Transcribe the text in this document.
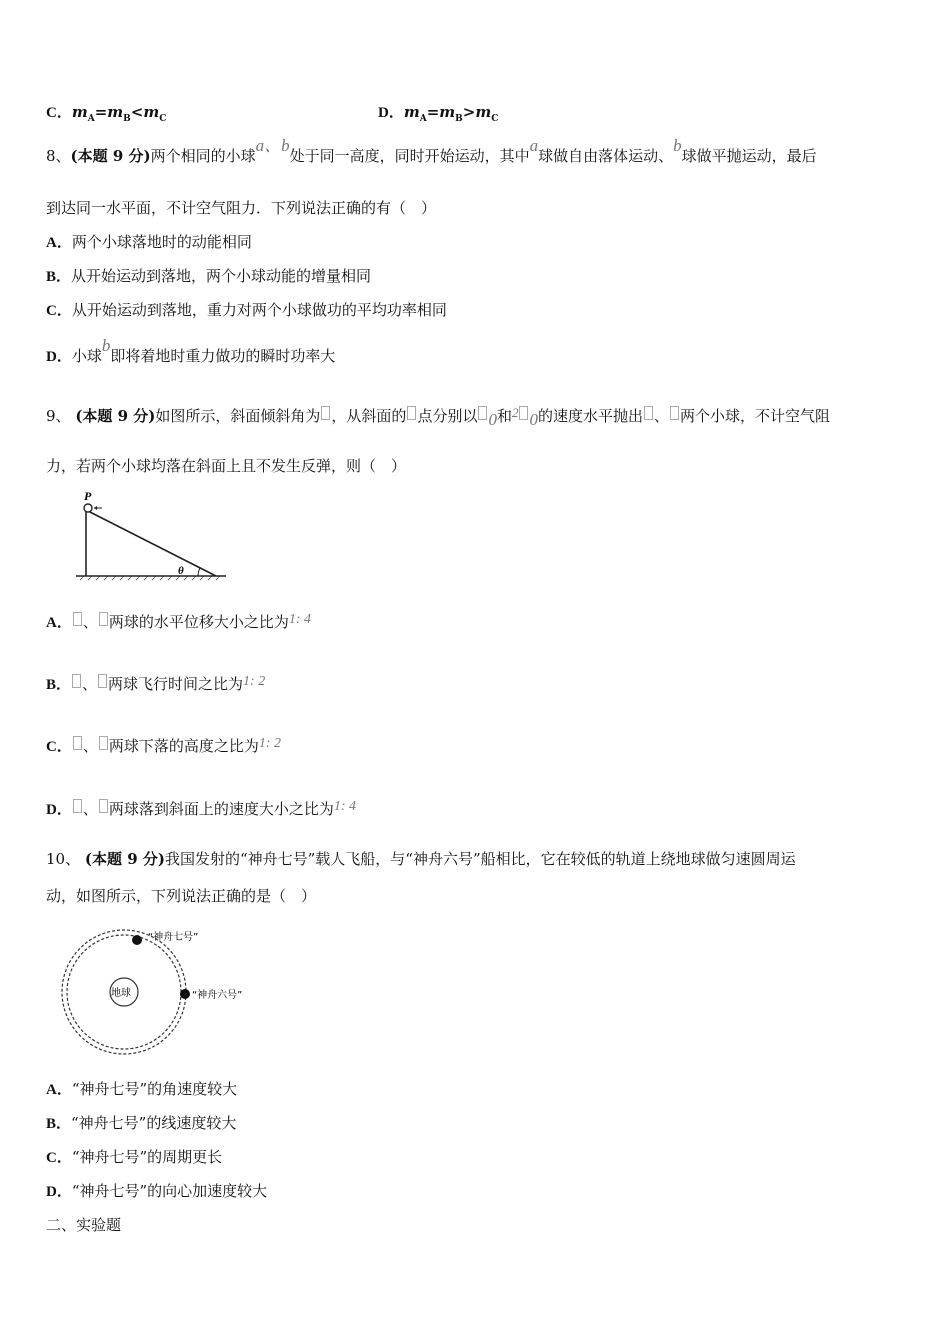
C．$m_A=m_B<m_C$	D．$m_A=m_B>m_C$
8、(本题 9 分)两个相同的小球a、b处于同一高度，同时开始运动，其中a球做自由落体运动、b球做平抛运动，最后
到达同一水平面，不计空气阻力．下列说法正确的有（　）
A．两个小球落地时的动能相同
B．从开始运动到落地，两个小球动能的增量相同
C．从开始运动到落地，重力对两个小球做功的平均功率相同
D．小球b即将着地时重力做功的瞬时功率大
9、 (本题 9 分)如图所示，斜面倾斜角为 ，从斜面的 点分别以 $_0$和2 $_0$的速度水平抛出 、 两个小球，不计空气阻
力，若两个小球均落在斜面上且不发生反弹，则（　）
P
θ
A． 、 两球的水平位移大小之比为1: 4
B． 、 两球飞行时间之比为1: 2
C． 、 两球下落的高度之比为1: 2
D． 、 两球落到斜面上的速度大小之比为1: 4
10、 (本题 9 分)我国发射的“神舟七号”载人飞船，与“神舟六号”船相比，它在较低的轨道上绕地球做匀速圆周运
动，如图所示，下列说法正确的是（　）
地球
“神舟七号”
“神舟六号”
A．“神舟七号”的角速度较大
B．“神舟七号”的线速度较大
C．“神舟七号”的周期更长
D．“神舟七号”的向心加速度较大
二、实验题
